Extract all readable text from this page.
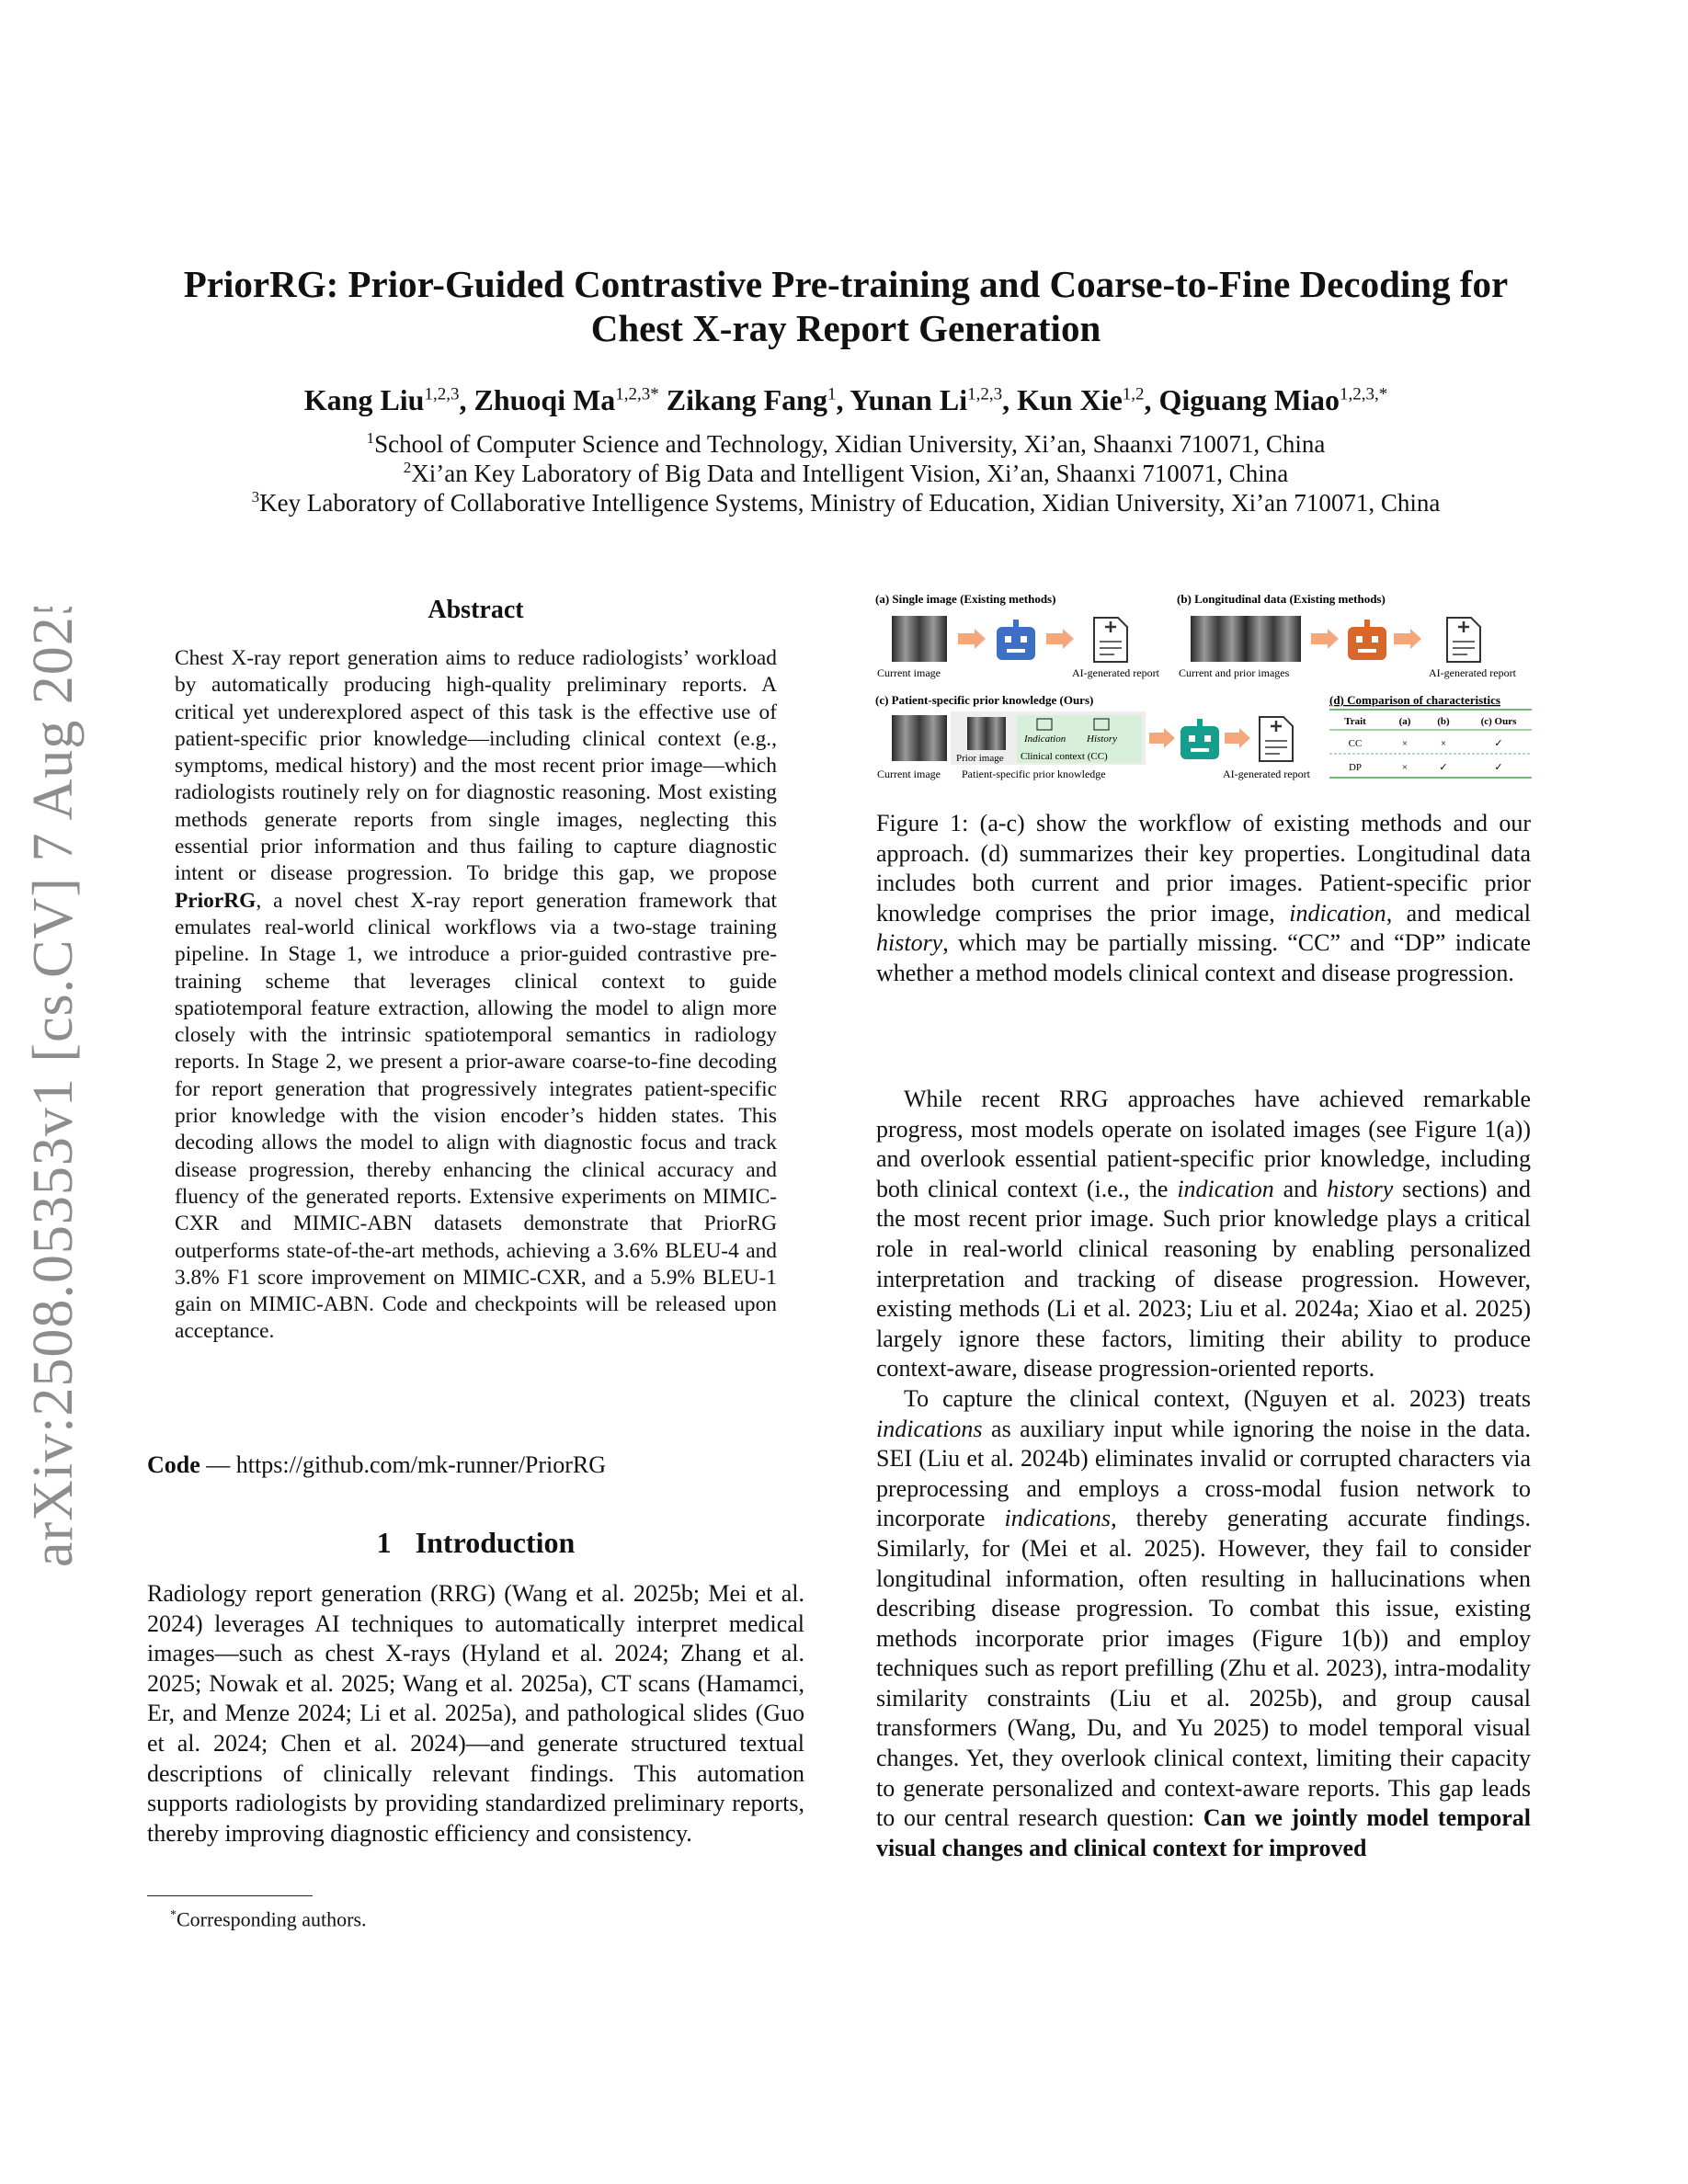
arXiv:2508.05353v1 [cs.CV] 7 Aug 2025
PriorRG: Prior-Guided Contrastive Pre-training and Coarse-to-Fine Decoding for
Chest X-ray Report Generation
Kang Liu$^{1,2,3}$, Zhuoqi $Ma^{1,2,3*}$ Zikang Fang$^1$, Yunan Li$^{1,2,3}$, Kun Xie$^{1,2}$, Qiguang Miao$^{1,2,3,*}$
$^1$School of Computer Science and Technology, Xidian University, Xi’an, Shaanxi 710071, China
$^2$Xi’an Key Laboratory of Big Data and Intelligent Vision, Xi’an, Shaanxi 710071, China
$^3$Key Laboratory of Collaborative Intelligence Systems, Ministry of Education, Xidian University, Xi’an 710071, China
Abstract
Chest X-ray report generation aims to reduce radiologists’ workload by automatically producing high-quality preliminary reports. A critical yet underexplored aspect of this task is the effective use of patient-specific prior knowledge—including clinical context (e.g., symptoms, medical history) and the most recent prior image—which radiologists routinely rely on for diagnostic reasoning. Most existing methods generate reports from single images, neglecting this essential prior information and thus failing to capture diagnostic intent or disease progression. To bridge this gap, we propose PriorRG, a novel chest X-ray report generation framework that emulates real-world clinical workflows via a two-stage training pipeline. In Stage 1, we introduce a prior-guided contrastive pre-training scheme that leverages clinical context to guide spatiotemporal feature extraction, allowing the model to align more closely with the intrinsic spatiotemporal semantics in radiology reports. In Stage 2, we present a prior-aware coarse-to-fine decoding for report generation that progressively integrates patient-specific prior knowledge with the vision encoder’s hidden states. This decoding allows the model to align with diagnostic focus and track disease progression, thereby enhancing the clinical accuracy and fluency of the generated reports. Extensive experiments on MIMIC-CXR and MIMIC-ABN datasets demonstrate that PriorRG outperforms state-of-the-art methods, achieving a 3.6% BLEU-4 and 3.8% F1 score improvement on MIMIC-CXR, and a 5.9% BLEU-1 gain on MIMIC-ABN. Code and checkpoints will be released upon acceptance.
Code — https://github.com/mk-runner/PriorRG
1 Introduction

Radiology report generation (RRG) (Wang et al. 2025b; Mei et al. 2024) leverages AI techniques to automatically interpret medical images—such as chest X-rays (Hyland et al. 2024; Zhang et al. 2025; Nowak et al. 2025; Wang et al. 2025a), CT scans (Hamamci, Er, and Menze 2024; Li et al. 2025a), and pathological slides (Guo et al. 2024; Chen et al. 2024)—and generate structured textual descriptions of clinically relevant findings. This automation supports radiologists by providing standardized preliminary reports, thereby improving diagnostic efficiency and consistency.

*Corresponding authors.
(a) Single image (Existing methods)	(b) Longitudinal data (Existing methods)
(c) Patient-specific prior knowledge (Ours)	(d) Comparison of characteristics
Current image	AI-generated report Current and prior images	AI-generated report
Current image
Prior image
Indication History
Clinical context (CC)
Patient-specific prior knowledge	AI-generated report
Trait	(a)	(b)	(c) Ours
CC	×	×	✓
DP	×	✓	✓
Figure 1: (a-c) show the workflow of existing methods and our approach. (d) summarizes their key properties. Longitudinal data includes both current and prior images. Patient-specific prior knowledge comprises the prior image, indication, and medical history, which may be partially missing. “CC” and “DP” indicate whether a method models clinical context and disease progression.

While recent RRG approaches have achieved remarkable progress, most models operate on isolated images (see Figure 1(a)) and overlook essential patient-specific prior knowledge, including both clinical context (i.e., the indication and history sections) and the most recent prior image. Such prior knowledge plays a critical role in real-world clinical reasoning by enabling personalized interpretation and tracking of disease progression. However, existing methods (Li et al. 2023; Liu et al. 2024a; Xiao et al. 2025) largely ignore these factors, limiting their ability to produce context-aware, disease progression-oriented reports.

To capture the clinical context, (Nguyen et al. 2023) treats indications as auxiliary input while ignoring the noise in the data. SEI (Liu et al. 2024b) eliminates invalid or corrupted characters via preprocessing and employs a cross-modal fusion network to incorporate indications, thereby generating accurate findings. Similarly, for (Mei et al. 2025). However, they fail to consider longitudinal information, often resulting in hallucinations when describing disease progression. To combat this issue, existing methods incorporate prior images (Figure 1(b)) and employ techniques such as report prefilling (Zhu et al. 2023), intra-modality similarity constraints (Liu et al. 2025b), and group causal transformers (Wang, Du, and Yu 2025) to model temporal visual changes. Yet, they overlook clinical context, limiting their capacity to generate personalized and context-aware reports. This gap leads to our central research question: Can we jointly model temporal visual changes and clinical context for improved
